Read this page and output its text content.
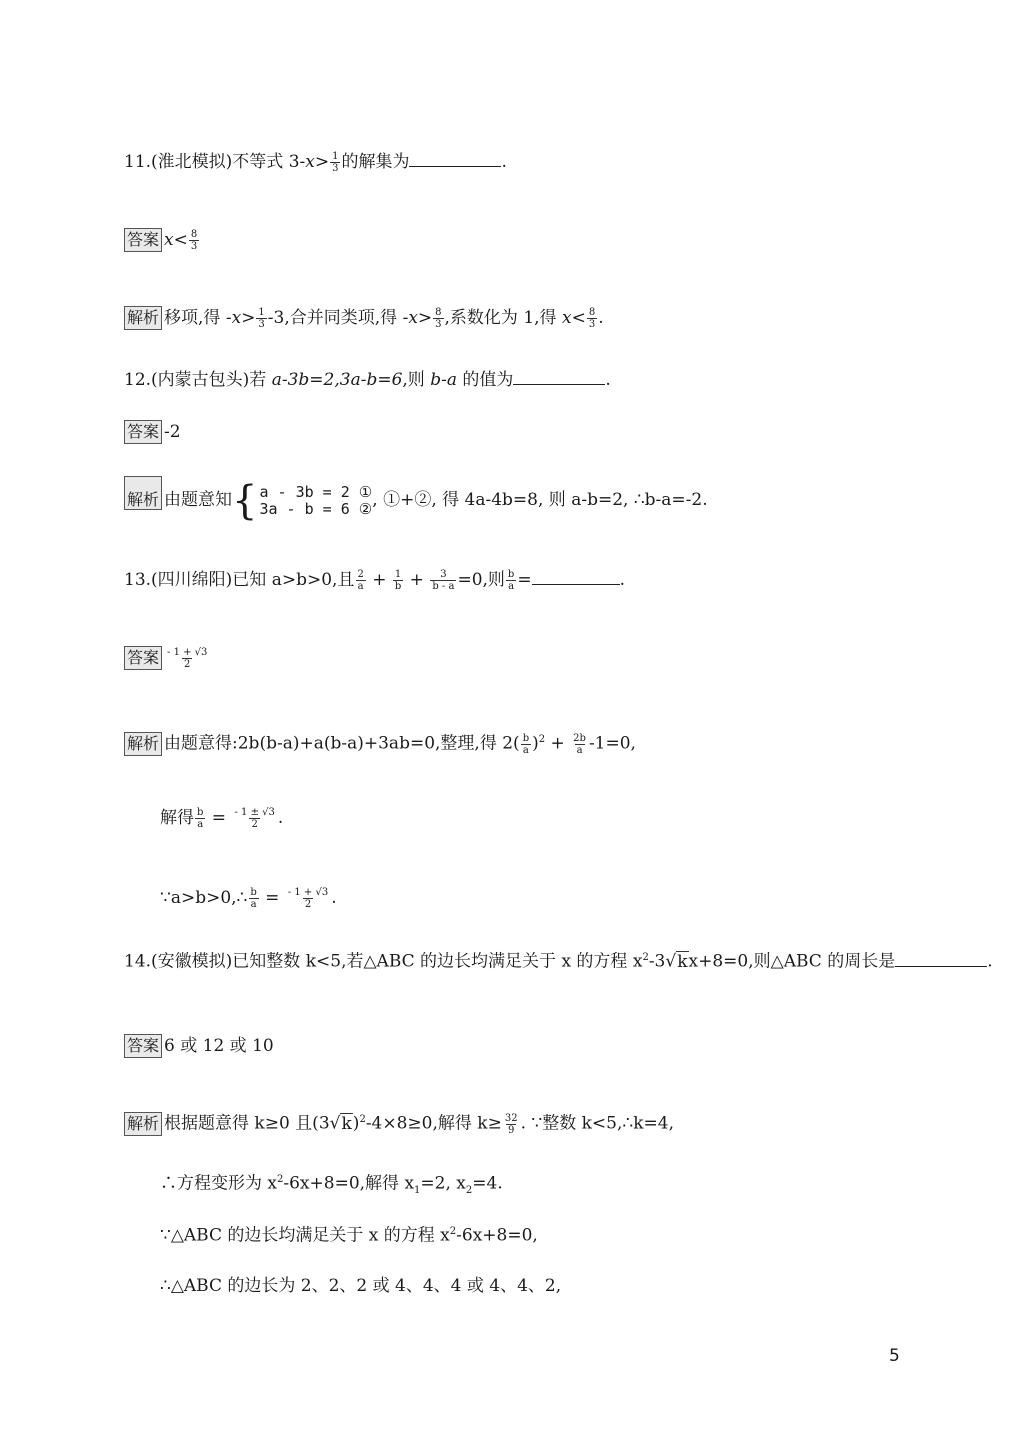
11.(淮北模拟)不等式 $3-x> \frac{1}{3}$ 的解集为	.
答案 $x< \frac{8}{3}$
解析 移项,得 $-x> \frac{1}{3} -3$,合并同类项,得 $-x> \frac{8}{3}$ ,系数化为 1,得 $x< \frac{8}{3}$ .
12.(内蒙古包头)若 a-3b=2,3a-b=6,则 b-a 的值为	.
答案 -2
解析 由题意知 { a - 3b = 2 ①
3a - b = 6 ② , ①+②, 得 4a-4b=8, 则 a-b=2, ∴b-a=-2.
13.(四川绵阳)已知 a>b>0,且 $\frac{2}{a} + \frac{1}{b} + \frac{3}{b - a} =0$,则 $\frac{b}{a}$ =	.
答案 $\frac{- 1 + √3}{2}$
解析 由题意得:2b(b-a)+a(b-a)+3ab=0,整理,得 $2( \frac{b}{a} )^2 + \frac{2b}{a} -1=0$,
解得 $\frac{b}{a} = \frac{- 1 \pm √3}{2}$ .
∵a>b>0,∴ $\frac{b}{a} = \frac{- 1 + √3}{2}$ .
14.(安徽模拟)已知整数 k<5,若△ABC 的边长均满足关于 x 的方程 $x^2-3√kx+8=0$,则△ABC 的周长是	.
答案 6 或 12 或 10
解析 根据题意得 k≥0 且$(3√k)^2-4\times 8\ge 0$,解得 $k\ge \frac{32}{9}$ . ∵整数 k<5,∴k=4,
∴方程变形为 $x^2-6x+8=0$,解得 $x_1=2$, $x_2=4$.
∵△ABC 的边长均满足关于 x 的方程 $x^2-6x+8=0$,
∴△ABC 的边长为 2、2、2 或 4、4、4 或 4、4、2,
5
